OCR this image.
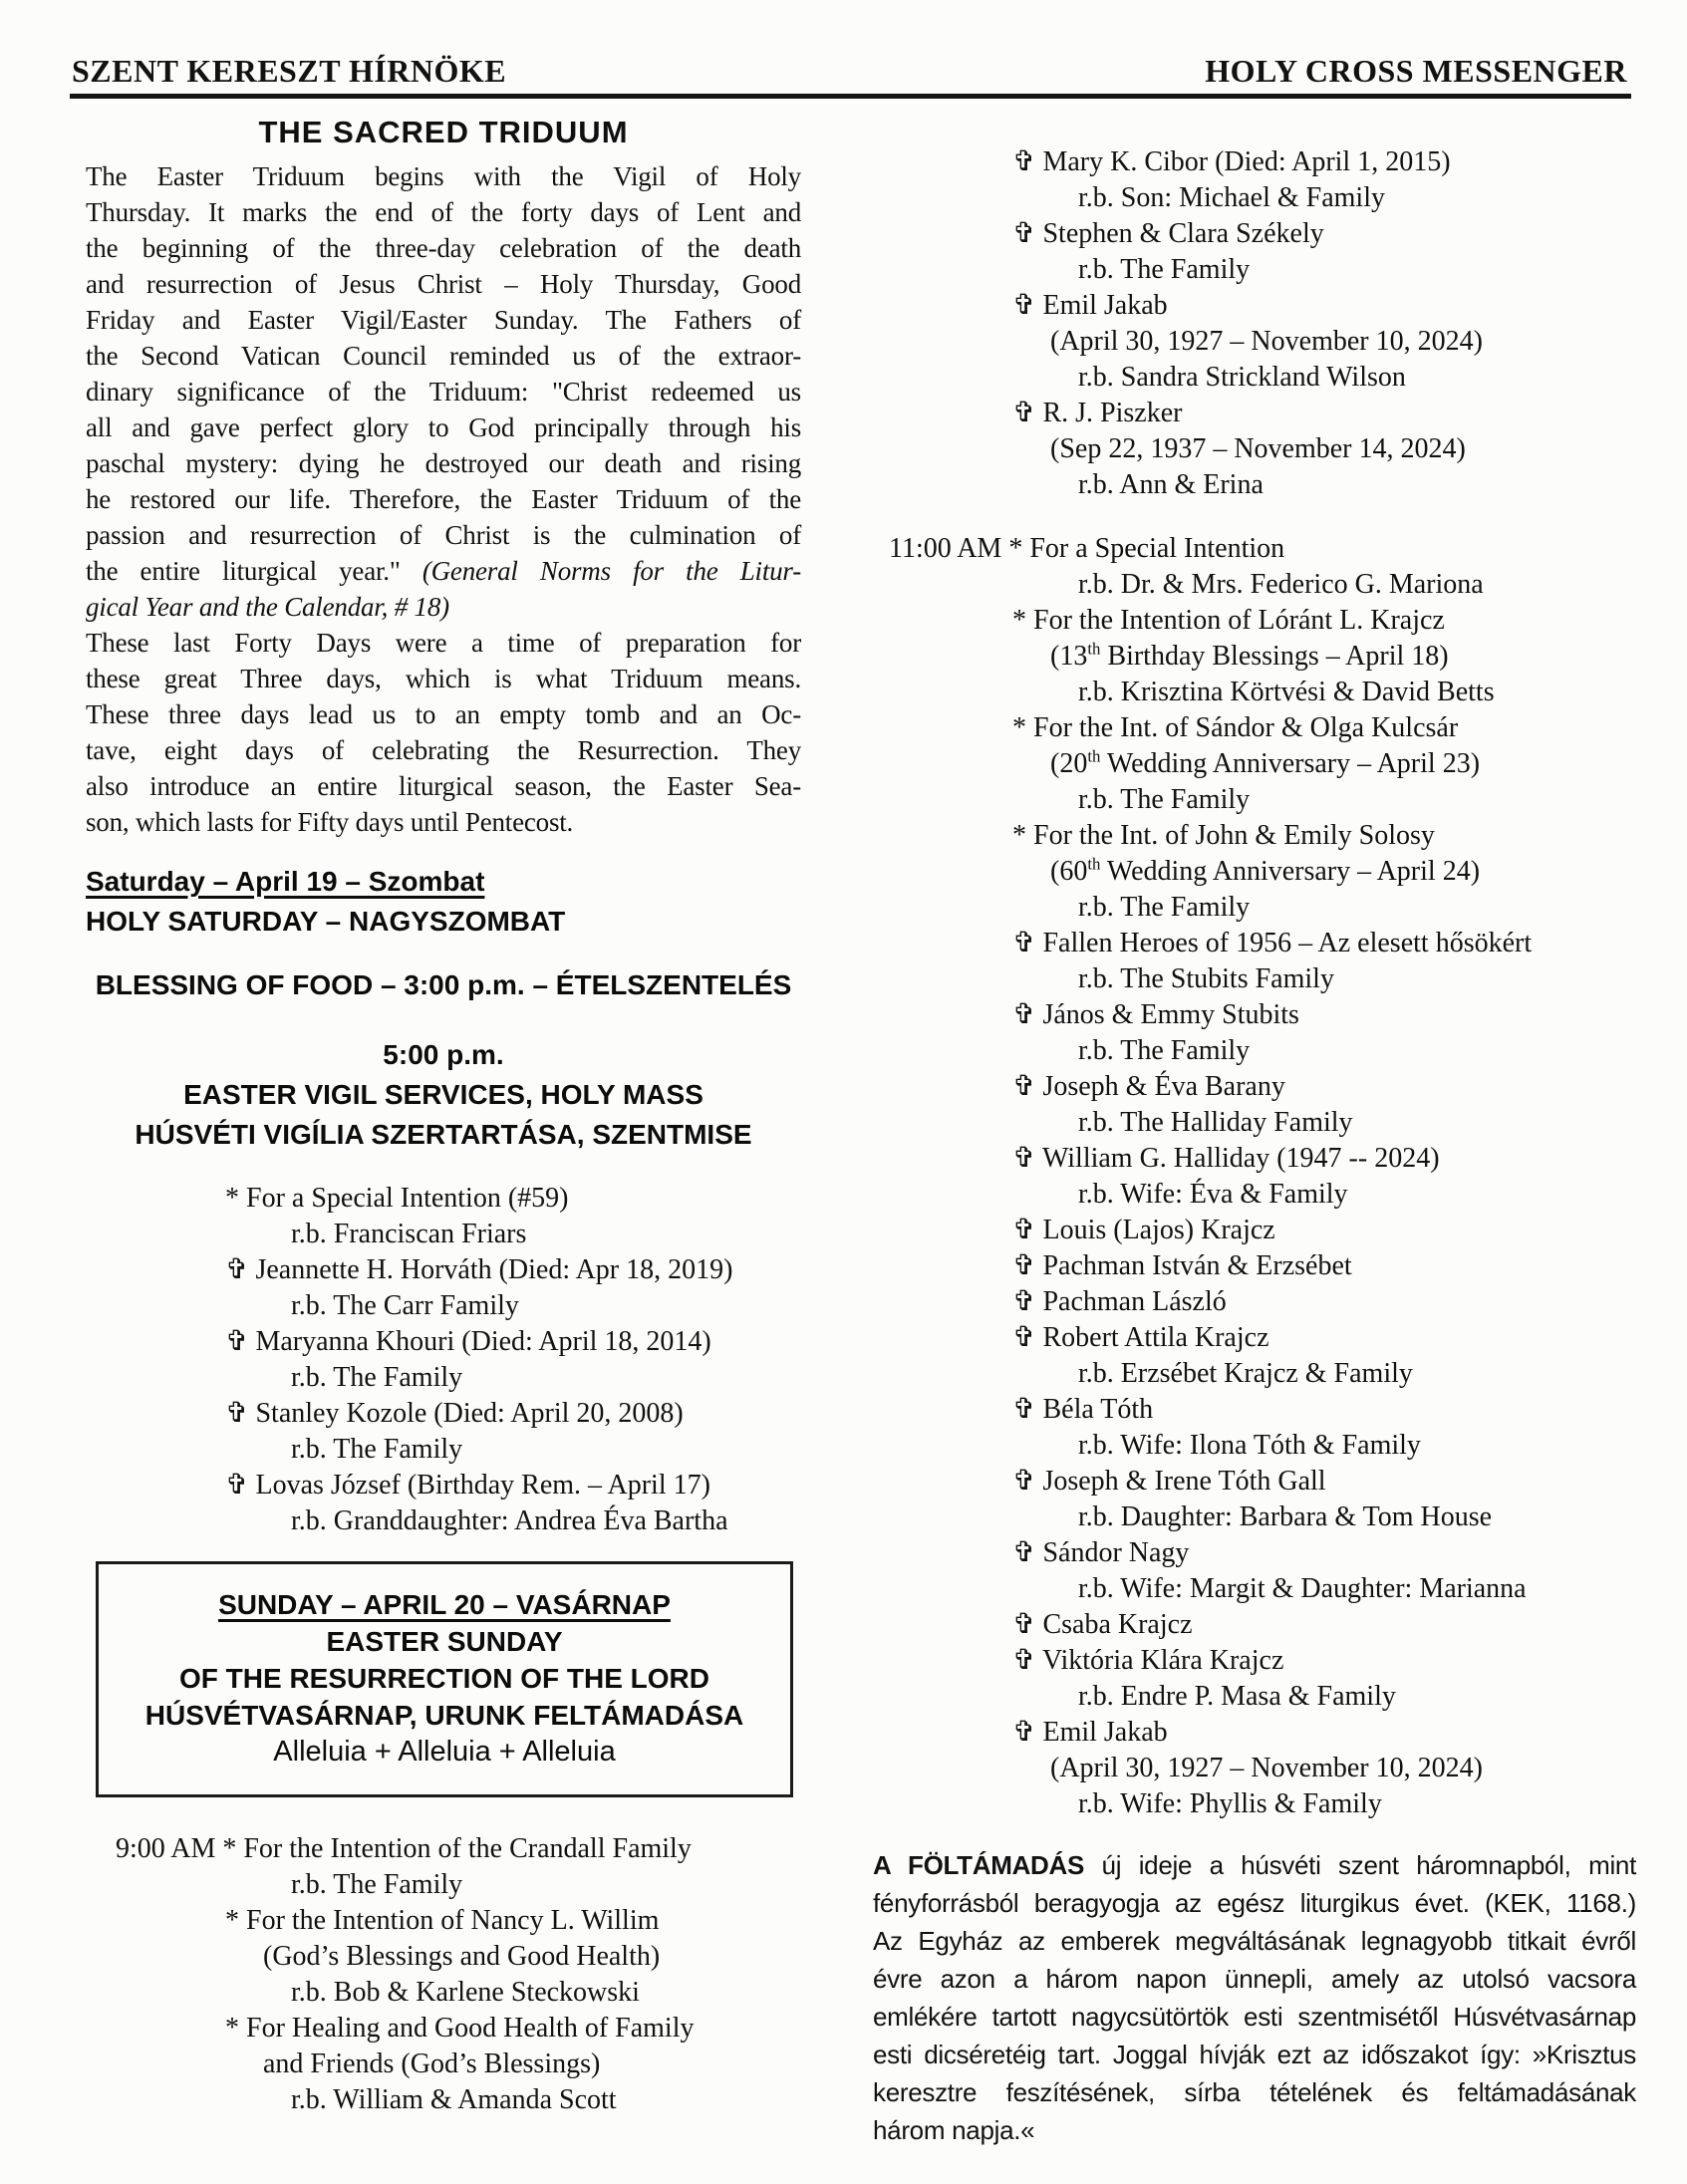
SZENT KERESZT HÍRNÖKE	HOLY CROSS MESSENGER
THE SACRED TRIDUUM
The Easter Triduum begins with the Vigil of Holy
Thursday. It marks the end of the forty days of Lent and
the beginning of the three-day celebration of the death
and resurrection of Jesus Christ – Holy Thursday, Good
Friday and Easter Vigil/Easter Sunday. The Fathers of
the Second Vatican Council reminded us of the extraor-
dinary significance of the Triduum: "Christ redeemed us
all and gave perfect glory to God principally through his
paschal mystery: dying he destroyed our death and rising
he restored our life. Therefore, the Easter Triduum of the
passion and resurrection of Christ is the culmination of
the entire liturgical year." (General Norms for the Litur-
gical Year and the Calendar, # 18)
These last Forty Days were a time of preparation for
these great Three days, which is what Triduum means.
These three days lead us to an empty tomb and an Oc-
tave, eight days of celebrating the Resurrection. They
also introduce an entire liturgical season, the Easter Sea-
son, which lasts for Fifty days until Pentecost.
Saturday – April 19 – Szombat
HOLY SATURDAY – NAGYSZOMBAT
BLESSING OF FOOD – 3:00 p.m. – ÉTELSZENTELÉS
5:00 p.m.
EASTER VIGIL SERVICES, HOLY MASS
HÚSVÉTI VIGÍLIA SZERTARTÁSA, SZENTMISE
* For a Special Intention (#59)
r.b. Franciscan Friars
✞ Jeannette H. Horváth (Died: Apr 18, 2019)
r.b. The Carr Family
✞ Maryanna Khouri (Died: April 18, 2014)
r.b. The Family
✞ Stanley Kozole (Died: April 20, 2008)
r.b. The Family
✞ Lovas József (Birthday Rem. – April 17)
r.b. Granddaughter: Andrea Éva Bartha
SUNDAY – APRIL 20 – VASÁRNAP
EASTER SUNDAY
OF THE RESURRECTION OF THE LORD
HÚSVÉTVASÁRNAP, URUNK FELTÁMADÁSA
Alleluia + Alleluia + Alleluia
9:00 AM * For the Intention of the Crandall Family
r.b. The Family
* For the Intention of Nancy L. Willim
(God’s Blessings and Good Health)
r.b. Bob & Karlene Steckowski
* For Healing and Good Health of Family
and Friends (God’s Blessings)
r.b. William & Amanda Scott
✞ Mary K. Cibor (Died: April 1, 2015)
r.b. Son: Michael & Family
✞ Stephen & Clara Székely
r.b. The Family
✞ Emil Jakab
(April 30, 1927 – November 10, 2024)
r.b. Sandra Strickland Wilson
✞ R. J. Piszker
(Sep 22, 1937 – November 14, 2024)
r.b. Ann & Erina
11:00 AM * For a Special Intention
r.b. Dr. & Mrs. Federico G. Mariona
* For the Intention of Lóránt L. Krajcz
(13th Birthday Blessings – April 18)
r.b. Krisztina Körtvési & David Betts
* For the Int. of Sándor & Olga Kulcsár
(20th Wedding Anniversary – April 23)
r.b. The Family
* For the Int. of John & Emily Solosy
(60th Wedding Anniversary – April 24)
r.b. The Family
✞ Fallen Heroes of 1956 – Az elesett hősökért
r.b. The Stubits Family
✞ János & Emmy Stubits
r.b. The Family
✞ Joseph & Éva Barany
r.b. The Halliday Family
✞ William G. Halliday (1947 -- 2024)
r.b. Wife: Éva & Family
✞ Louis (Lajos) Krajcz
✞ Pachman István & Erzsébet
✞ Pachman László
✞ Robert Attila Krajcz
r.b. Erzsébet Krajcz & Family
✞ Béla Tóth
r.b. Wife: Ilona Tóth & Family
✞ Joseph & Irene Tóth Gall
r.b. Daughter: Barbara & Tom House
✞ Sándor Nagy
r.b. Wife: Margit & Daughter: Marianna
✞ Csaba Krajcz
✞ Viktória Klára Krajcz
r.b. Endre P. Masa & Family
✞ Emil Jakab
(April 30, 1927 – November 10, 2024)
r.b. Wife: Phyllis & Family
A FÖLTÁMADÁS új ideje a húsvéti szent háromnapból, mint
fényforrásból beragyogja az egész liturgikus évet. (KEK, 1168.)
Az Egyház az emberek megváltásának legnagyobb titkait évről
évre azon a három napon ünnepli, amely az utolsó vacsora
emlékére tartott nagycsütörtök esti szentmisétől Húsvétvasárnap
esti dicséretéig tart. Joggal hívják ezt az időszakot így: »Krisztus
keresztre feszítésének, sírba tételének és feltámadásának
három napja.«
